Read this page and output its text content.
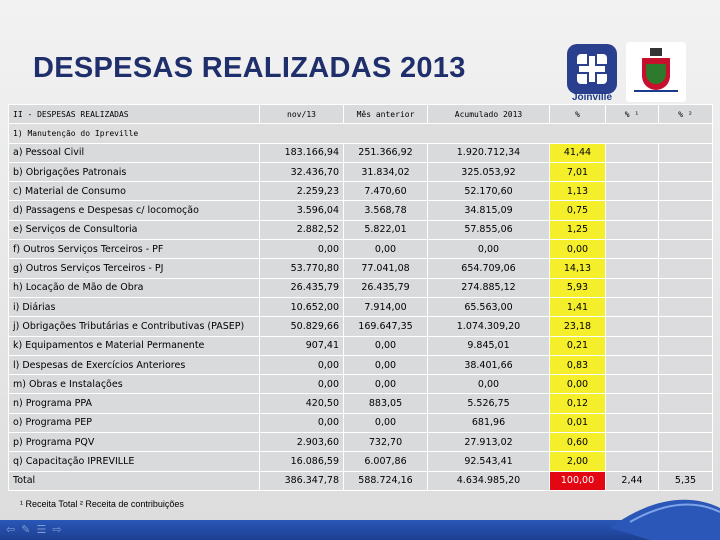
DESPESAS REALIZADAS 2013
Joinville
II - DESPESAS REALIZADAS	nov/13	Mês anterior	Acumulado 2013	%	% ¹	% ²
1) Manutenção do Ipreville						
a) Pessoal Civil	183.166,94	251.366,92	1.920.712,34	41,44		
b) Obrigações Patronais	32.436,70	31.834,02	325.053,92	7,01		
c) Material de Consumo	2.259,23	7.470,60	52.170,60	1,13		
d) Passagens e Despesas c/ locomoção	3.596,04	3.568,78	34.815,09	0,75		
e) Serviços de Consultoria	2.882,52	5.822,01	57.855,06	1,25		
f) Outros Serviços Terceiros - PF	0,00	0,00	0,00	0,00		
g) Outros Serviços Terceiros - PJ	53.770,80	77.041,08	654.709,06	14,13		
h) Locação de Mão de Obra	26.435,79	26.435,79	274.885,12	5,93		
i) Diárias	10.652,00	7.914,00	65.563,00	1,41		
j) Obrigações Tributárias e Contributivas (PASEP)	50.829,66	169.647,35	1.074.309,20	23,18		
k) Equipamentos e Material Permanente	907,41	0,00	9.845,01	0,21		
l) Despesas de Exercícios Anteriores	0,00	0,00	38.401,66	0,83		
m) Obras e Instalações	0,00	0,00	0,00	0,00		
n) Programa PPA	420,50	883,05	5.526,75	0,12		
o) Programa PEP	0,00	0,00	681,96	0,01		
p) Programa PQV	2.903,60	732,70	27.913,02	0,60		
q) Capacitação IPREVILLE	16.086,59	6.007,86	92.543,41	2,00		
Total	386.347,78	588.724,16	4.634.985,20	100,00	2,44	5,35
¹ Receita Total ² Receita de contribuições
⇦ ✎ ☰ ⇨
